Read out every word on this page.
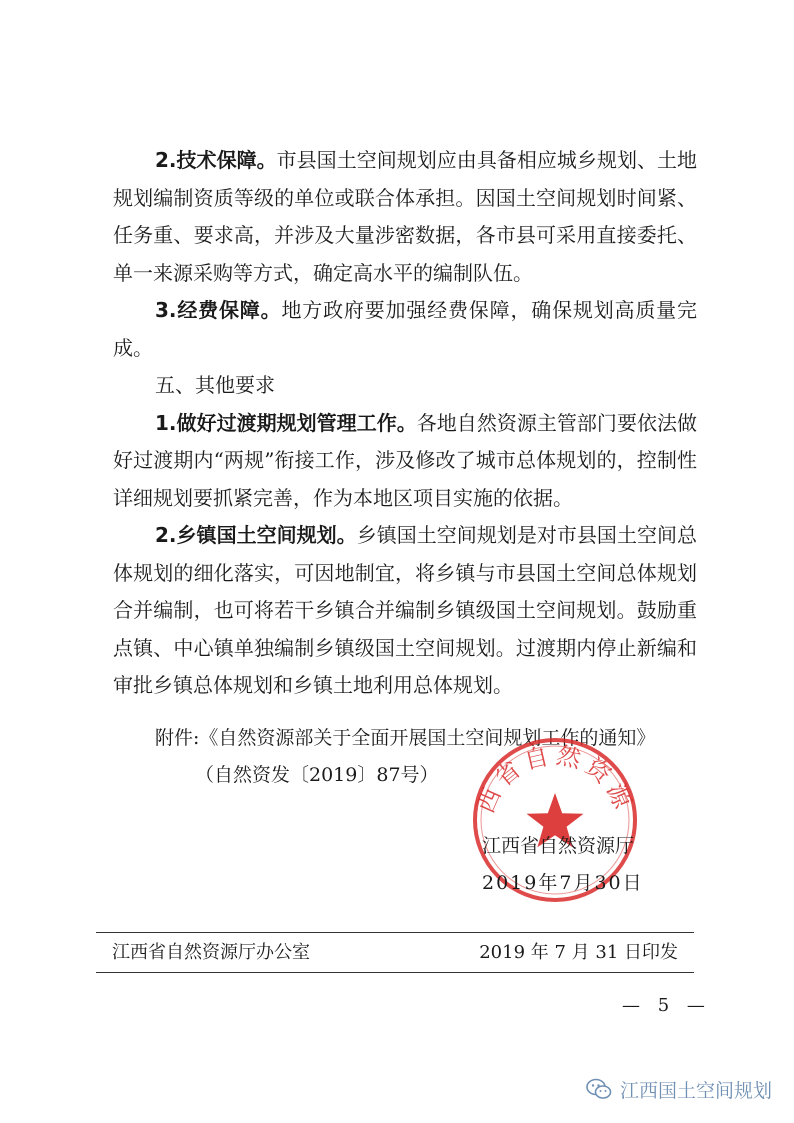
2.技术保障。市县国土空间规划应由具备相应城乡规划、土地规划编制资质等级的单位或联合体承担。因国土空间规划时间紧、任务重、要求高，并涉及大量涉密数据，各市县可采用直接委托、单一来源采购等方式，确定高水平的编制队伍。

3.经费保障。地方政府要加强经费保障，确保规划高质量完成。

五、其他要求

1.做好过渡期规划管理工作。各地自然资源主管部门要依法做好过渡期内“两规”衔接工作，涉及修改了城市总体规划的，控制性详细规划要抓紧完善，作为本地区项目实施的依据。

2.乡镇国土空间规划。乡镇国土空间规划是对市县国土空间总体规划的细化落实，可因地制宜，将乡镇与市县国土空间总体规划合并编制，也可将若干乡镇合并编制乡镇级国土空间规划。鼓励重点镇、中心镇单独编制乡镇级国土空间规划。过渡期内停止新编和审批乡镇总体规划和乡镇土地利用总体规划。

附件:《自然资源部关于全面开展国土空间规划工作的通知》
（自然资发〔2019〕87号）
西省自然资源
江西省自然资源厅
2019年7月30日
江西省自然资源厅办公室	2019 年 7 月 31 日印发
— 5 —
江西国土空间规划
